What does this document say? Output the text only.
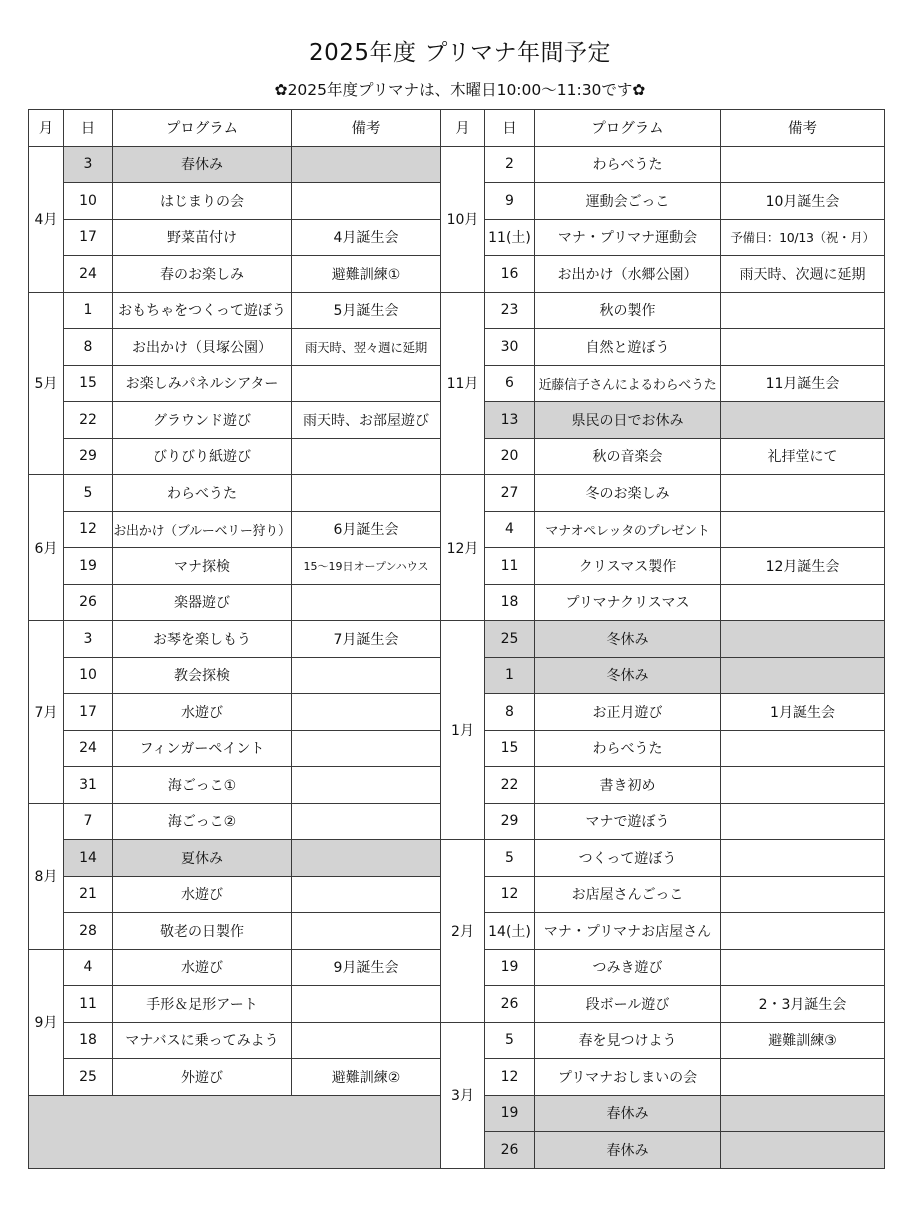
2025年度 プリマナ年間予定
✿2025年度プリマナは、木曜日10:00～11:30です✿
月	日	プログラム	備考	月	日	プログラム	備考
4月	3	春休み		10月	2	わらべうた	
	10	はじまりの会			9	運動会ごっこ	10月誕生会
	17	野菜苗付け	4月誕生会		11(土)	マナ・プリマナ運動会	予備日：10/13（祝・月）
	24	春のお楽しみ	避難訓練①		16	お出かけ（水郷公園）	雨天時、次週に延期
5月	1	おもちゃをつくって遊ぼう	5月誕生会	11月	23	秋の製作	
	8	お出かけ（貝塚公園）	雨天時、翌々週に延期		30	自然と遊ぼう	
	15	お楽しみパネルシアター			6	近藤信子さんによるわらべうた	11月誕生会
	22	グラウンド遊び	雨天時、お部屋遊び		13	県民の日でお休み	
	29	びりびり紙遊び			20	秋の音楽会	礼拝堂にて
6月	5	わらべうた		12月	27	冬のお楽しみ	
	12	お出かけ（ブルーベリー狩り）	6月誕生会		4	マナオペレッタのプレゼント	
	19	マナ探検	15～19日オープンハウス		11	クリスマス製作	12月誕生会
	26	楽器遊び			18	プリマナクリスマス	
7月	3	お琴を楽しもう	7月誕生会	1月	25	冬休み	
	10	教会探検			1	冬休み	
	17	水遊び			8	お正月遊び	1月誕生会
	24	フィンガーペイント			15	わらべうた	
	31	海ごっこ①			22	書き初め	
8月	7	海ごっこ②			29	マナで遊ぼう	
	14	夏休み		2月	5	つくって遊ぼう	
	21	水遊び			12	お店屋さんごっこ	
	28	敬老の日製作			14(土)	マナ・プリマナお店屋さん	
9月	4	水遊び	9月誕生会		19	つみき遊び	
	11	手形＆足形アート			26	段ボール遊び	2・3月誕生会
	18	マナバスに乗ってみよう		3月	5	春を見つけよう	避難訓練③
	25	外遊び	避難訓練②		12	プリマナおしまいの会	
					19	春休み	
					26	春休み	
